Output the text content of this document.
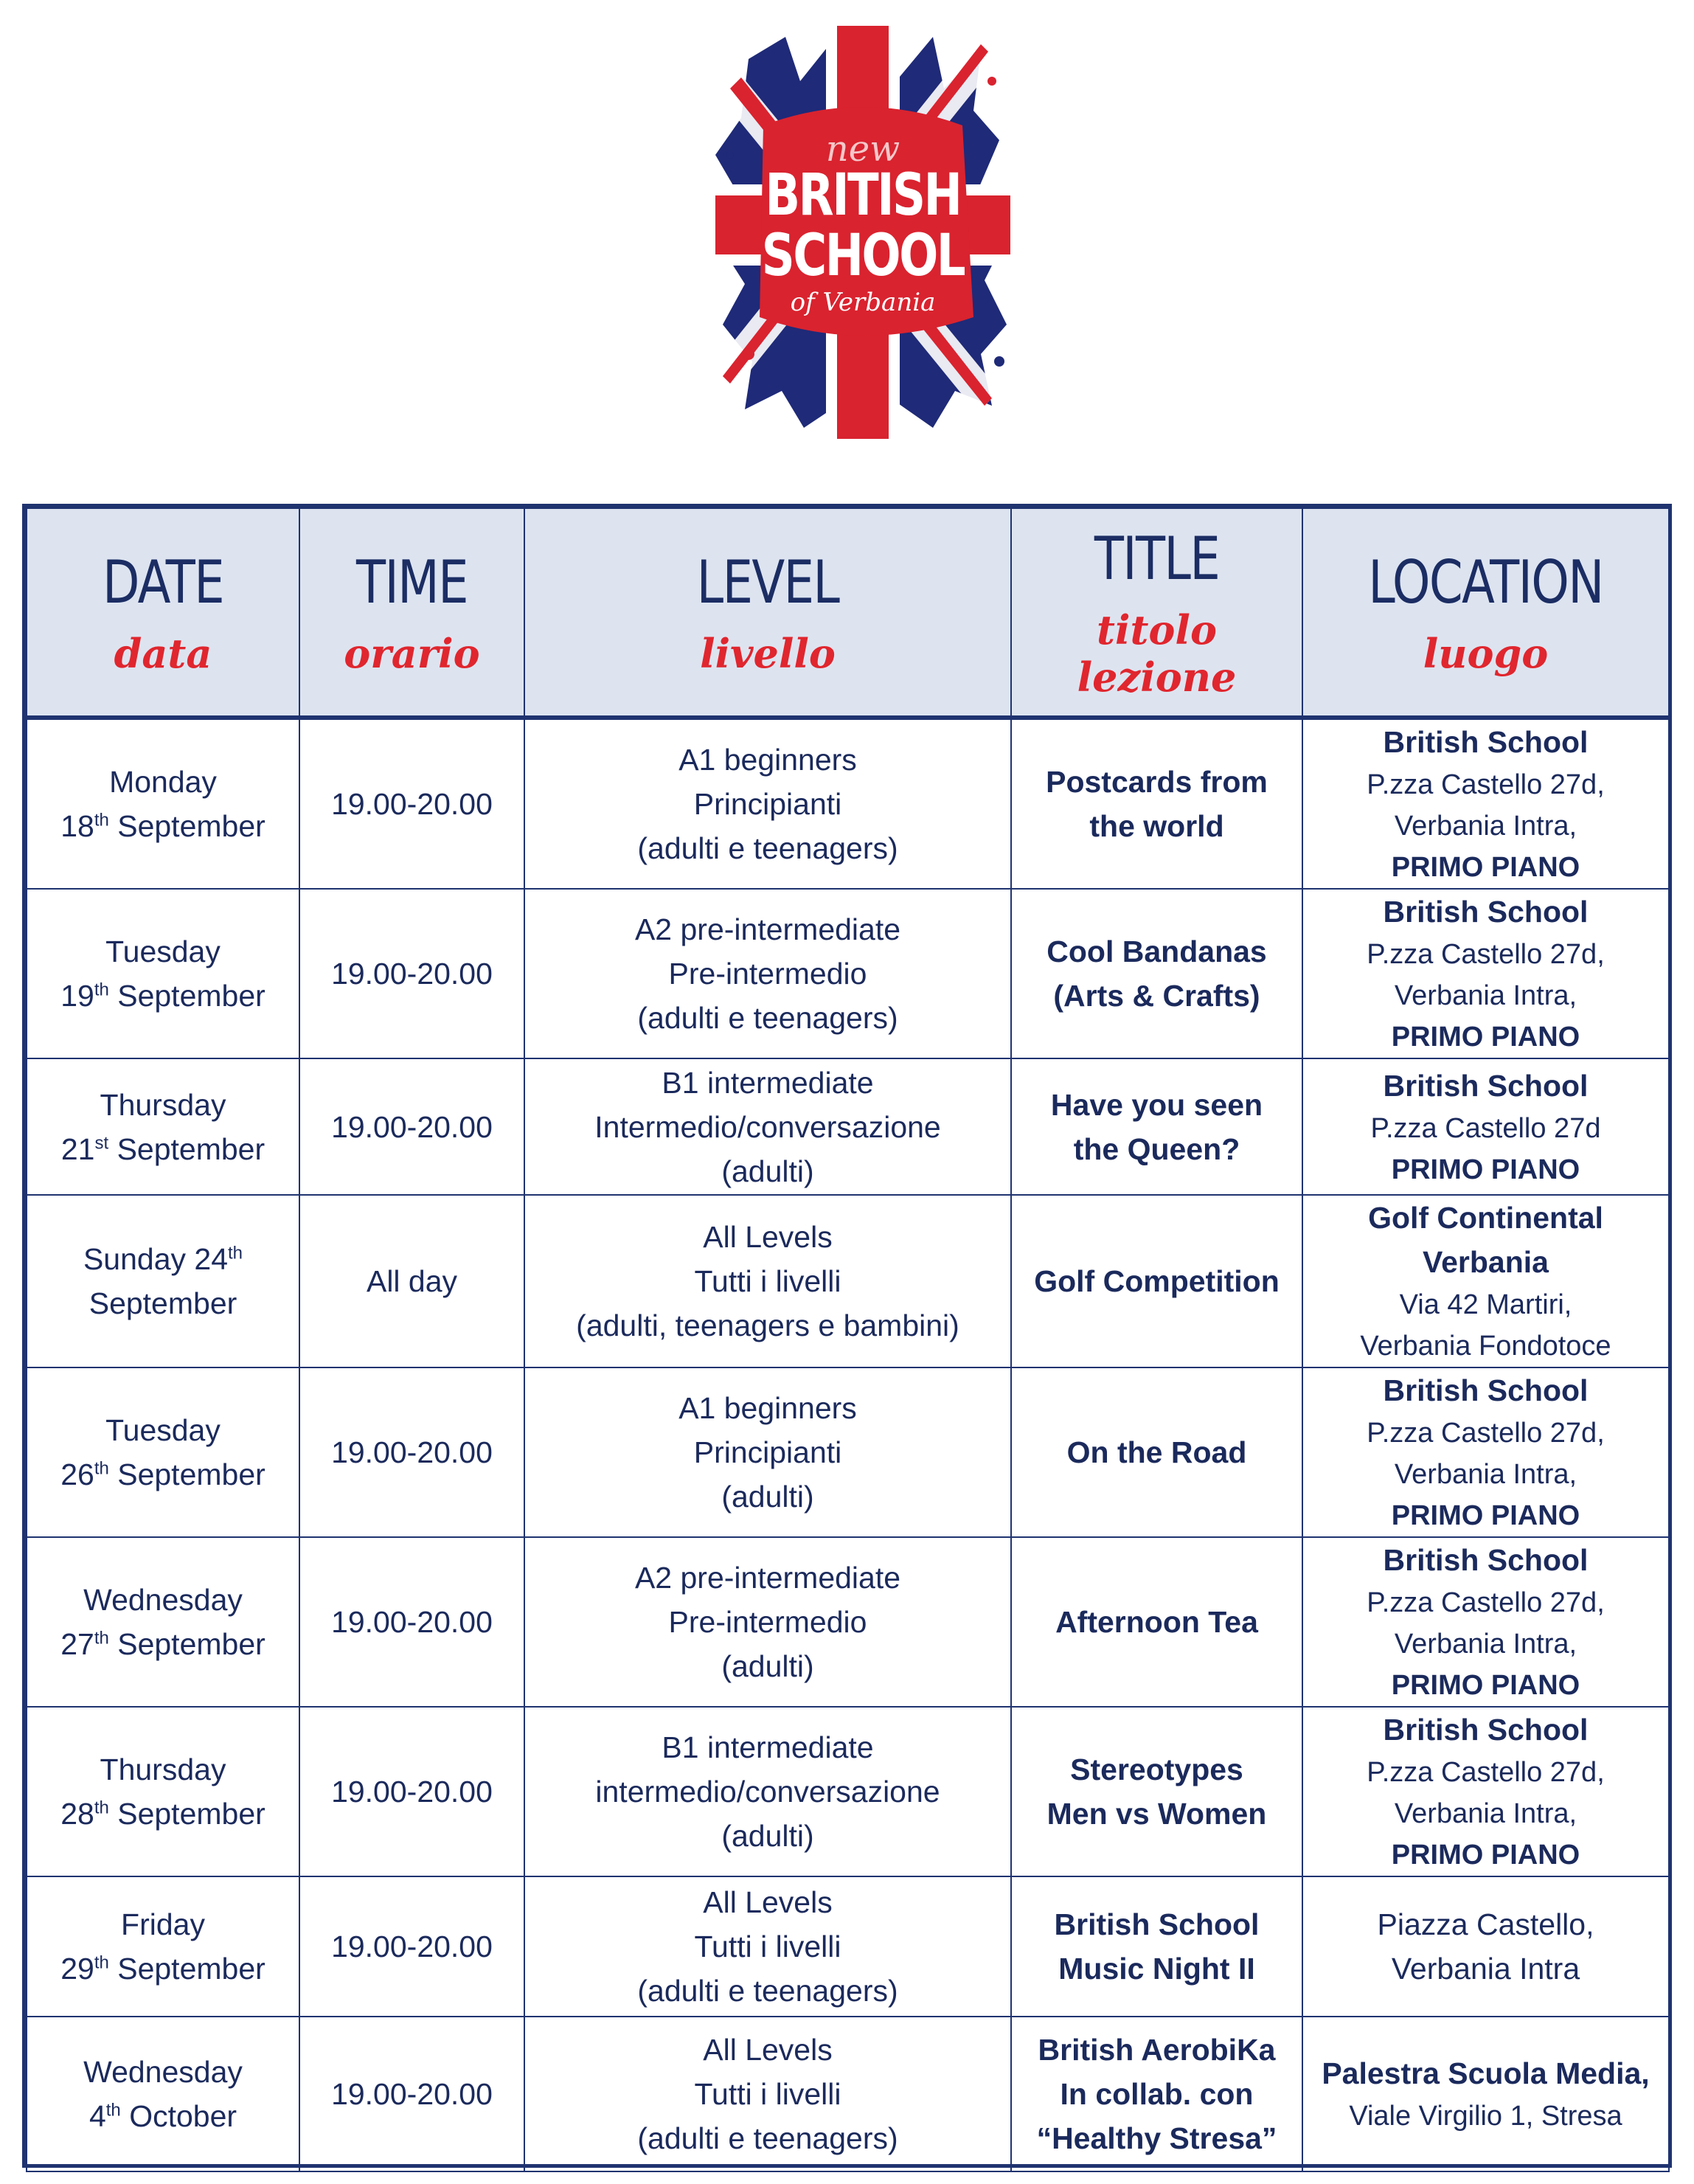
new
BRITISH
SCHOOL
of Verbania
DATE
data	TIME
orario	LEVEL
livello	TITLE
titolo lezione	LOCATION
luogo

Monday
18th September	19.00-20.00	A1 beginners
Principianti
(adulti e teenagers)	Postcards from
the world	British School
P.zza Castello 27d,
Verbania Intra,
PRIMO PIANO

Tuesday
19th September	19.00-20.00	A2 pre-intermediate
Pre-intermedio
(adulti e teenagers)	Cool Bandanas
(Arts & Crafts)	British School
P.zza Castello 27d,
Verbania Intra,
PRIMO PIANO

Thursday
21st September	19.00-20.00	B1 intermediate
Intermedio/conversazione
(adulti)	Have you seen
the Queen?	British School
P.zza Castello 27d
PRIMO PIANO

Sunday 24th
September	All day	All Levels
Tutti i livelli
(adulti, teenagers e bambini)	Golf Competition	Golf Continental
Verbania
Via 42 Martiri,
Verbania Fondotoce

Tuesday
26th September	19.00-20.00	A1 beginners
Principianti
(adulti)	On the Road	British School
P.zza Castello 27d,
Verbania Intra,
PRIMO PIANO

Wednesday
27th September	19.00-20.00	A2 pre-intermediate
Pre-intermedio
(adulti)	Afternoon Tea	British School
P.zza Castello 27d,
Verbania Intra,
PRIMO PIANO

Thursday
28th September	19.00-20.00	B1 intermediate
intermedio/conversazione
(adulti)	Stereotypes
Men vs Women	British School
P.zza Castello 27d,
Verbania Intra,
PRIMO PIANO

Friday
29th September	19.00-20.00	All Levels
Tutti i livelli
(adulti e teenagers)	British School
Music Night II	Piazza Castello,
Verbania Intra

Wednesday
4th October	19.00-20.00	All Levels
Tutti i livelli
(adulti e teenagers)	British AerobiKa
In collab. con
“Healthy Stresa”	Palestra Scuola Media,
Viale Virgilio 1, Stresa
